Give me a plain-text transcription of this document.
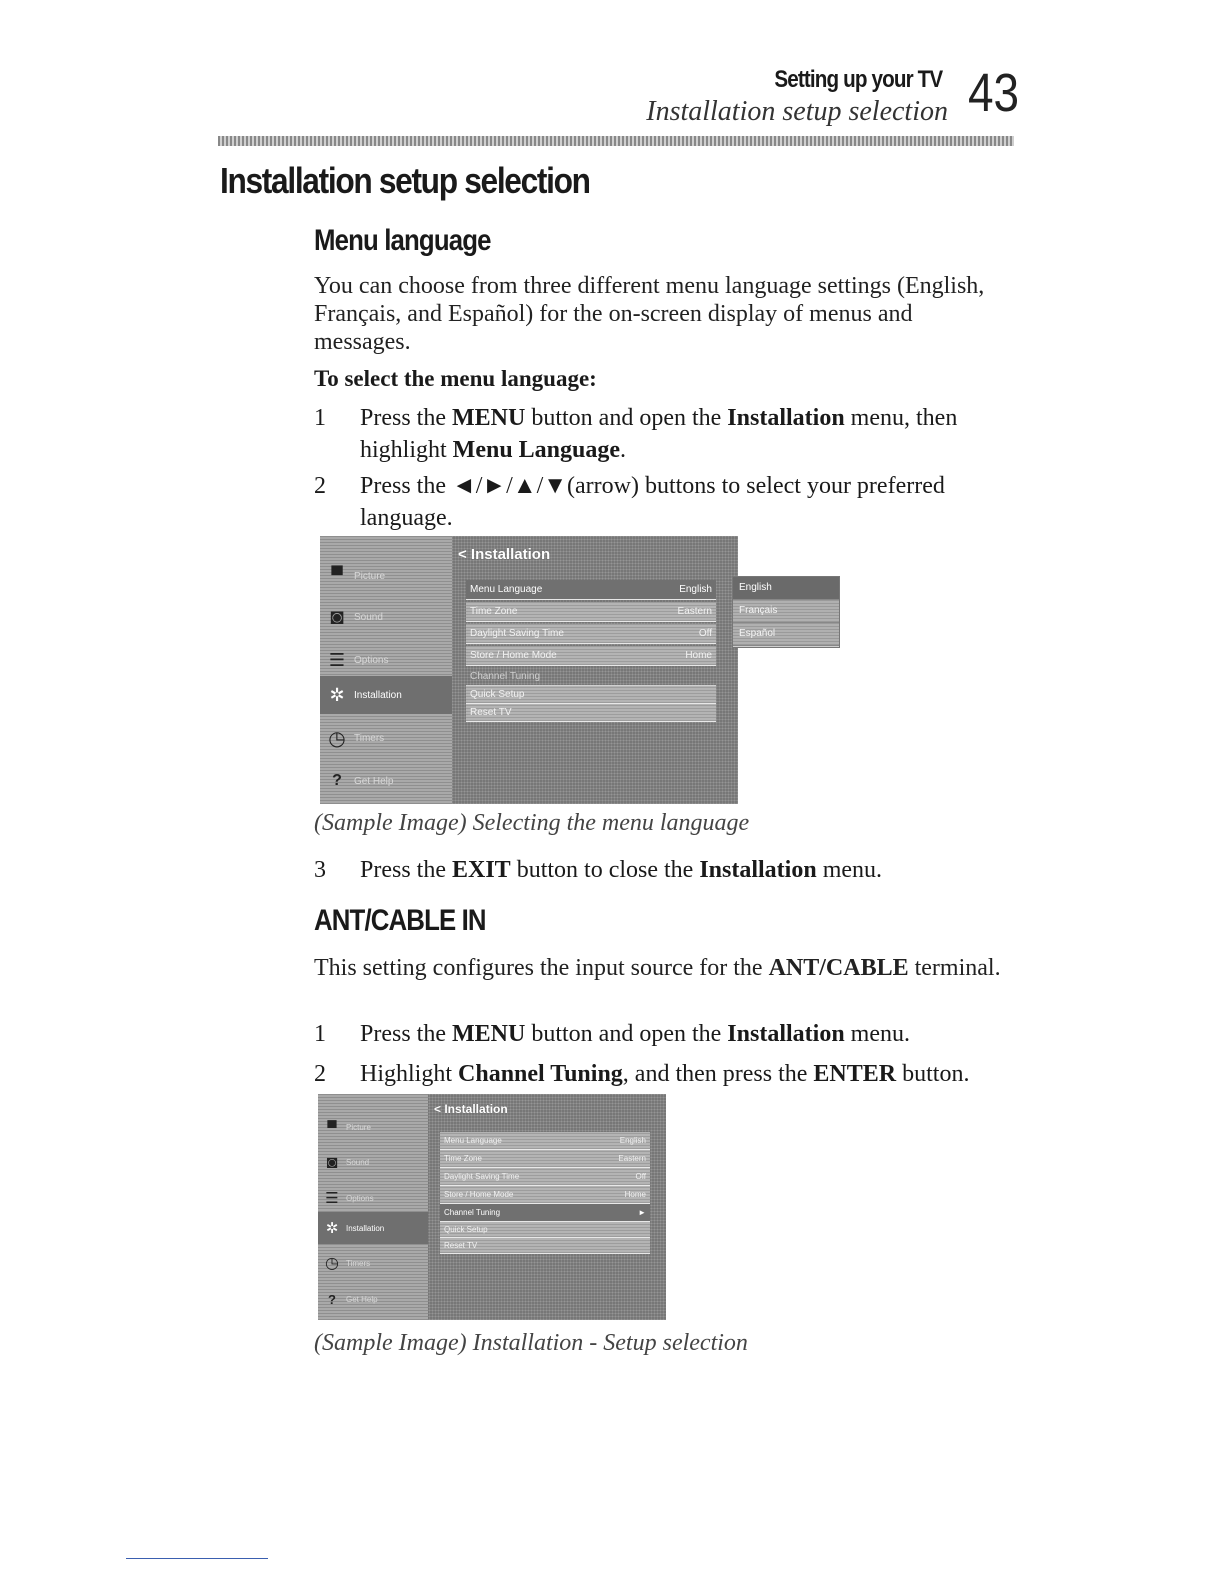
Setting up your TV
Installation setup selection 43
Installation setup selection
Menu language
You can choose from three different menu language settings (English, Français, and Español) for the on-screen display of menus and messages.
To select the menu language:
1	Press the MENU button and open the Installation menu, then highlight Menu Language.
2	Press the ◄/►/▲/▼(arrow) buttons to select your preferred language.
▀	Picture
◙	Sound
☰ Options
✲ Installation
◷ Timers
?	Get Help
< Installation
Menu Language	English
Time Zone	Eastern
Daylight Saving Time	Off
Store / Home Mode	Home
Channel Tuning
Quick Setup
Reset TV
English
Français
Español
(Sample Image) Selecting the menu language
3	Press the EXIT button to close the Installation menu.
ANT/CABLE IN
This setting configures the input source for the ANT/CABLE terminal.
1	Press the MENU button and open the Installation menu.
2	Highlight Channel Tuning, and then press the ENTER button.
▀	Picture
◙	Sound
☰ Options
✲ Installation
◷ Timers
?	Get Help
< Installation
Menu Language	English
Time Zone	Eastern
Daylight Saving Time	Off
Store / Home Mode	Home
Channel Tuning	►
Quick Setup
Reset TV
(Sample Image) Installation - Setup selection
